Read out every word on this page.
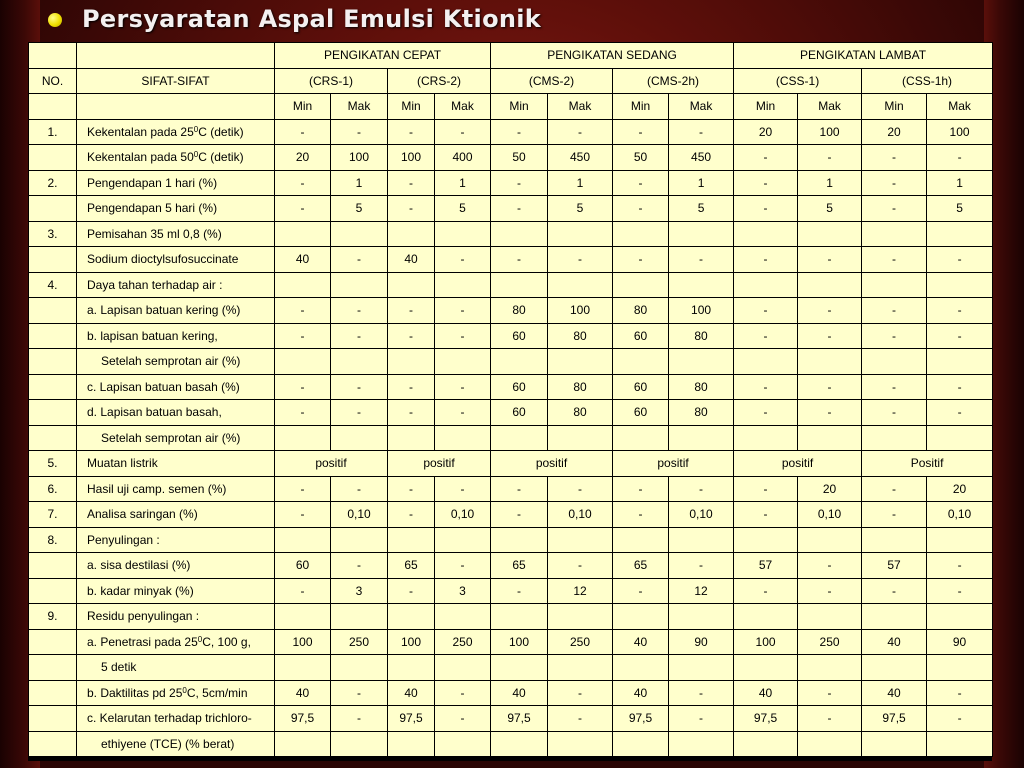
Persyaratan Aspal Emulsi Ktionik
		PENGIKATAN CEPAT				PENGIKATAN SEDANG				PENGIKATAN LAMBAT			
NO.	SIFAT-SIFAT	(CRS-1)		(CRS-2)		(CMS-2)		(CMS-2h)		(CSS-1)		(CSS-1h)	
		Min	Mak	Min	Mak	Min	Mak	Min	Mak	Min	Mak	Min	Mak
1.	Kekentalan pada $25^0C$ (detik)	-	-	-	-	-	-	-	-	20	100	20	100
	Kekentalan pada $50^0C$ (detik)	20	100	100	400	50	450	50	450	-	-	-	-
2.	Pengendapan 1 hari (%)	-	1	-	1	-	1	-	1	-	1	-	1
	Pengendapan 5 hari (%)	-	5	-	5	-	5	-	5	-	5	-	5
3.	Pemisahan 35 ml 0,8 (%)												
	Sodium dioctylsufosuccinate	40	-	40	-	-	-	-	-	-	-	-	-
4.	Daya tahan terhadap air :												
	a. Lapisan batuan kering (%)	-	-	-	-	80	100	80	100	-	-	-	-
	b. lapisan batuan kering,	-	-	-	-	60	80	60	80	-	-	-	-
	Setelah semprotan air (%)												
	c. Lapisan batuan basah (%)	-	-	-	-	60	80	60	80	-	-	-	-
	d. Lapisan batuan basah,	-	-	-	-	60	80	60	80	-	-	-	-
	Setelah semprotan air (%)												
5.	Muatan listrik	positif		positif		positif		positif		positif		Positif	
6.	Hasil uji camp. semen (%)	-	-	-	-	-	-	-	-	-	20	-	20
7.	Analisa saringan (%)	-	0,10	-	0,10	-	0,10	-	0,10	-	0,10	-	0,10
8.	Penyulingan :												
	a. sisa destilasi (%)	60	-	65	-	65	-	65	-	57	-	57	-
	b. kadar minyak (%)	-	3	-	3	-	12	-	12	-	-	-	-
9.	Residu penyulingan :												
	a. Penetrasi pada $25^0C$, 100 g,	100	250	100	250	100	250	40	90	100	250	40	90
	5 detik												
	b. Daktilitas pd $25^0C$, 5cm/min	40	-	40	-	40	-	40	-	40	-	40	-
	c. Kelarutan terhadap trichloro-	97,5	-	97,5	-	97,5	-	97,5	-	97,5	-	97,5	-
	ethiyene (TCE) (% berat)												
